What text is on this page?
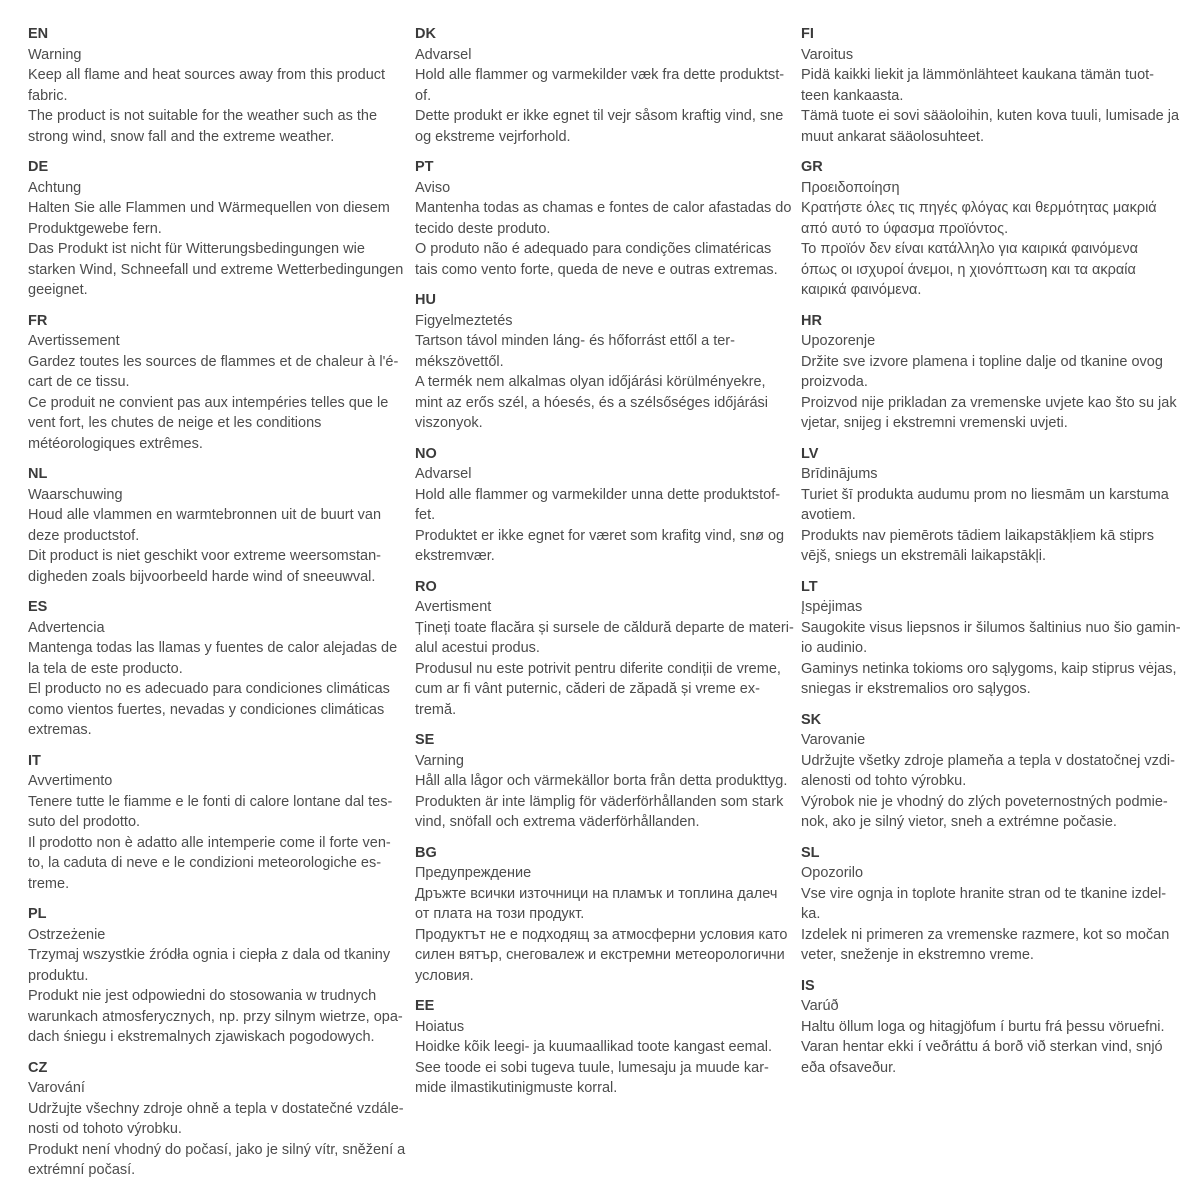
EN
Warning
Keep all flame and heat sources away from this product
fabric.
The product is not suitable for the weather such as the
strong wind, snow fall and the extreme weather.
DE
Achtung
Halten Sie alle Flammen und Wärmequellen von diesem
Produktgewebe fern.
Das Produkt ist nicht für Witterungsbedingungen wie
starken Wind, Schneefall und extreme Wetterbedingungen
geeignet.
FR
Avertissement
Gardez toutes les sources de flammes et de chaleur à l'é-
cart de ce tissu.
Ce produit ne convient pas aux intempéries telles que le
vent fort, les chutes de neige et les conditions
météorologiques extrêmes.
NL
Waarschuwing
Houd alle vlammen en warmtebronnen uit de buurt van
deze productstof.
Dit product is niet geschikt voor extreme weersomstan-
digheden zoals bijvoorbeeld harde wind of sneeuwval.
ES
Advertencia
Mantenga todas las llamas y fuentes de calor alejadas de
la tela de este producto.
El producto no es adecuado para condiciones climáticas
como vientos fuertes, nevadas y condiciones climáticas
extremas.
IT
Avvertimento
Tenere tutte le fiamme e le fonti di calore lontane dal tes-
suto del prodotto.
Il prodotto non è adatto alle intemperie come il forte ven-
to, la caduta di neve e le condizioni meteorologiche es-
treme.
PL
Ostrzeżenie
Trzymaj wszystkie źródła ognia i ciepła z dala od tkaniny
produktu.
Produkt nie jest odpowiedni do stosowania w trudnych
warunkach atmosferycznych, np. przy silnym wietrze, opa-
dach śniegu i ekstremalnych zjawiskach pogodowych.
CZ
Varování
Udržujte všechny zdroje ohně a tepla v dostatečné vzdále-
nosti od tohoto výrobku.
Produkt není vhodný do počasí, jako je silný vítr, sněžení a
extrémní počasí.
DK
Advarsel
Hold alle flammer og varmekilder væk fra dette produktst-
of.
Dette produkt er ikke egnet til vejr såsom kraftig vind, sne
og ekstreme vejrforhold.
PT
Aviso
Mantenha todas as chamas e fontes de calor afastadas do
tecido deste produto.
O produto não é adequado para condições climatéricas
tais como vento forte, queda de neve e outras extremas.
HU
Figyelmeztetés
Tartson távol minden láng- és hőforrást ettől a ter-
mékszövettől.
A termék nem alkalmas olyan időjárási körülményekre,
mint az erős szél, a hóesés, és a szélsőséges időjárási
viszonyok.
NO
Advarsel
Hold alle flammer og varmekilder unna dette produktstof-
fet.
Produktet er ikke egnet for været som krafitg vind, snø og
ekstremvær.
RO
Avertisment
Țineți toate flacăra și sursele de căldură departe de materi-
alul acestui produs.
Produsul nu este potrivit pentru diferite condiții de vreme,
cum ar fi vânt puternic, căderi de zăpadă și vreme ex-
tremă.
SE
Varning
Håll alla lågor och värmekällor borta från detta produkttyg.
Produkten är inte lämplig för väderförhållanden som stark
vind, snöfall och extrema väderförhållanden.
BG
Предупреждение
Дръжте всички източници на пламък и топлина далеч
от плата на този продукт.
Продуктът не е подходящ за атмосферни условия като
силен вятър, снеговалеж и екстремни метеорологични
условия.
EE
Hoiatus
Hoidke kõik leegi- ja kuumaallikad toote kangast eemal.
See toode ei sobi tugeva tuule, lumesaju ja muude kar-
mide ilmastikutinigmuste korral.
FI
Varoitus
Pidä kaikki liekit ja lämmönlähteet kaukana tämän tuot-
teen kankaasta.
Tämä tuote ei sovi sääoloihin, kuten kova tuuli, lumisade ja
muut ankarat sääolosuhteet.
GR
Προειδοποίηση
Κρατήστε όλες τις πηγές φλόγας και θερμότητας μακριά
από αυτό το ύφασμα προϊόντος.
Το προϊόν δεν είναι κατάλληλο για καιρικά φαινόμενα
όπως οι ισχυροί άνεμοι, η χιονόπτωση και τα ακραία
καιρικά φαινόμενα.
HR
Upozorenje
Držite sve izvore plamena i topline dalje od tkanine ovog
proizvoda.
Proizvod nije prikladan za vremenske uvjete kao što su jak
vjetar, snijeg i ekstremni vremenski uvjeti.
LV
Brīdinājums
Turiet šī produkta audumu prom no liesmām un karstuma
avotiem.
Produkts nav piemērots tādiem laikapstākļiem kā stiprs
vējš, sniegs un ekstremāli laikapstākļi.
LT
Įspėjimas
Saugokite visus liepsnos ir šilumos šaltinius nuo šio gamin-
io audinio.
Gaminys netinka tokioms oro sąlygoms, kaip stiprus vėjas,
sniegas ir ekstremalios oro sąlygos.
SK
Varovanie
Udržujte všetky zdroje plameňa a tepla v dostatočnej vzdi-
alenosti od tohto výrobku.
Výrobok nie je vhodný do zlých poveternostných podmie-
nok, ako je silný vietor, sneh a extrémne počasie.
SL
Opozorilo
Vse vire ognja in toplote hranite stran od te tkanine izdel-
ka.
Izdelek ni primeren za vremenske razmere, kot so močan
veter, sneženje in ekstremno vreme.
IS
Varúð
Haltu öllum loga og hitagjöfum í burtu frá þessu vöruefni.
Varan hentar ekki í veðráttu á borð við sterkan vind, snjó
eða ofsaveður.
